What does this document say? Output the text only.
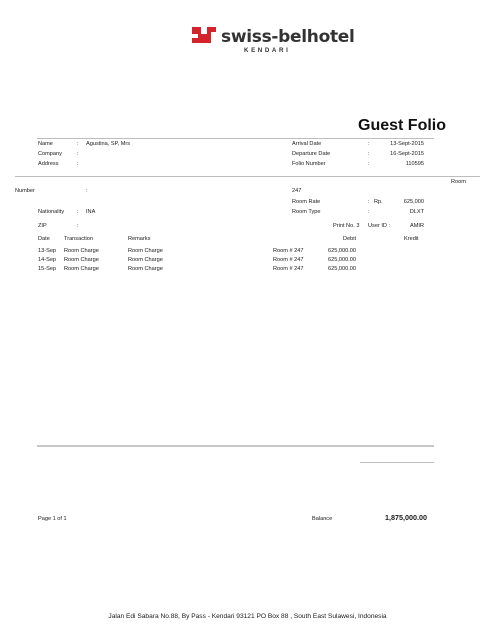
swiss-belhotel
KENDARI
Guest Folio
Name	: Agustina, SP, Mrs
Company	:
Address	:
Arrival Date	:	13-Sept-2015
Departure Date	:	16-Sept-2015
Folio Number	:	110595
Room
Number	:	247
Room Rate	: Rp.	625,000
Nationality : INA	Room Type	:	DLXT
ZIP	:	Print No. 3 User ID :	AMIR
Date	Transaction	Remarks	Debit	Kredit
13-Sep Room Charge	Room Charge	Room # 247	625,000.00
14-Sep Room Charge	Room Charge	Room # 247	625,000.00
15-Sep Room Charge	Room Charge	Room # 247	625,000.00
Page 1 of 1	Balance	1,875,000.00
Jalan Edi Sabara No.88, By Pass - Kendari 93121 PO Box 88 , South East Sulawesi, Indonesia
